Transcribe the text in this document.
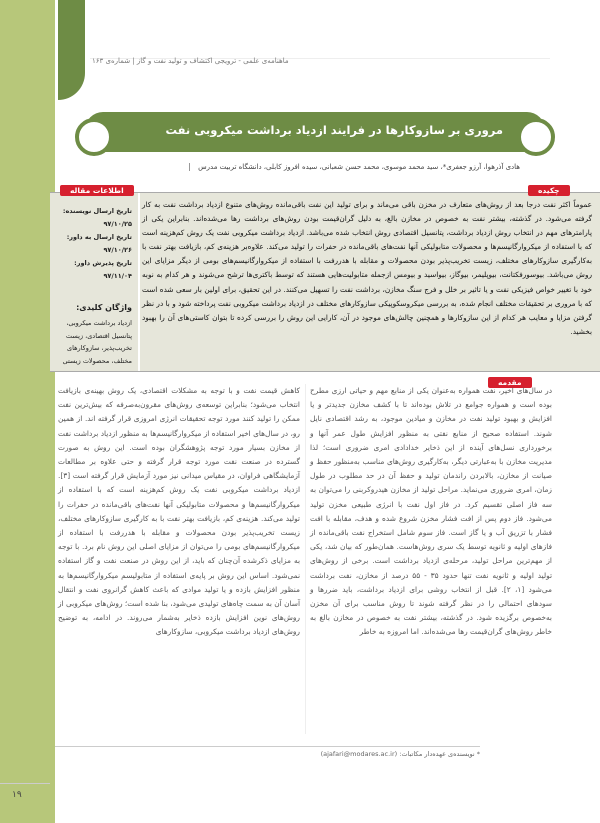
ماهنامه‌ی علمی - ترویجی اکتشاف و تولید نفت و گاز | شماره‌ی ۱۶۳
مروری بر سازوکارها در فرایند ازدیاد برداشت میکروبی نفت
هادی آذرهوا، آرزو جعفری*، سید محمد موسوی، محمد حسن شعبانی، سیده افروز کابلی، دانشگاه تربیت مدرس
چکیده
عموماً اکثر نفت درجا بعد از روش‌های متعارف در مخزن باقی می‌ماند و برای تولید این نفت باقی‌مانده روش‌های متنوع ازدیاد برداشت نفت به کار گرفته می‌شود. در گذشته، بیشتر نفت به خصوص در مخازن بالغ، به دلیل گران‌قیمت بودن روش‌های برداشت رها می‌شده‌اند. بنابراین یکی از پارامترهای مهم در انتخاب روش ازدیاد برداشت، پتانسیل اقتصادی روش انتخاب شده می‌باشد. ازدیاد برداشت میکروبی نفت یک روش کم‌هزینه است که با استفاده از میکروارگانیسم‌ها و محصولات متابولیکی آنها نفت‌های باقی‌مانده در حفرات را تولید می‌کند. علاوه‌بر هزینه‌ی کم، بازیافت بهتر نفت با به‌کارگیری سازوکارهای مختلف، زیست تخریب‌پذیر بودن محصولات و مقابله با هدررفت با استفاده از میکروارگانیسم‌های بومی از دیگر مزایای این روش می‌باشد. بیوسورفکتانت، بیوپلیمر، بیوگاز، بیواسید و بیومس ازجمله متابولیت‌هایی هستند که توسط باکتری‌ها ترشح می‌شوند و هر کدام به نوبه خود با تغییر خواص فیزیکی نفت و یا تاثیر بر خلل و فرج سنگ مخازن، برداشت نفت را تسهیل می‌کنند. در این تحقیق، برای اولین بار سعی شده است که با مروری بر تحقیقات مختلف انجام شده، به بررسی میکروسکوپیکی سازوکارهای مختلف در ازدیاد برداشت میکروبی نفت پرداخته شود و با در نظر گرفتن مزایا و معایب هر کدام از این سازوکارها و همچنین چالش‌های موجود در آن، کارایی این روش را بررسی کرده تا بتوان کاستی‌های آن را بهبود بخشید.
اطلاعات مقاله
تاریخ ارسال نویسنده: ۹۷/۱۰/۲۵
تاریخ ارسال به داور: ۹۷/۱۰/۲۶
تاریخ پذیرش داور: ۹۷/۱۱/۰۴
واژگان کلیدی:
ازدیاد برداشت میکروبی، پتانسیل اقتصادی، زیست تخریب‌پذیر، سازوکارهای مختلف، محصولات زیستی
مقدمه
در سال‌های اخیر، نفت همواره به‌عنوان یکی از منابع مهم و حیاتی ارزی مطرح بوده است و همواره جوامع در تلاش بوده‌اند تا با کشف مخازن جدیدتر و یا افزایش و بهبود تولید نفت در مخازن و میادین موجود، به رشد اقتصادی نایل شوند. استفاده صحیح از منابع نفتی به منظور افزایش طول عمر آنها و برخورداری نسل‌های آینده از این ذخایر خدادادی امری ضروری است؛ لذا مدیریت مخازن با به‌عبارتی دیگر، به‌کارگیری روش‌های مناسب به‌منظور حفظ و صیانت از مخازن، بالابردن راندمان تولید و حفظ آن در حد مطلوب در طول زمان، امری ضروری می‌نماید. مراحل تولید از مخازن هیدروکربنی را می‌توان به سه فاز اصلی تقسیم کرد. در فاز اول نفت با انرژی طبیعی مخزن تولید می‌شود. فاز دوم پس از افت فشار مخزن شروع شده و هدف، مقابله با افت فشار با تزریق آب و یا گاز است. فاز سوم شامل استخراج نفت باقی‌مانده از فازهای اولیه و ثانویه توسط یک سری روش‌هاست. همان‌طور که بیان شد، یکی از مهم‌ترین مراحل تولید، مرحله‌ی ازدیاد برداشت است. برخی از روش‌های تولید اولیه و ثانویه نفت تنها حدود ۳۵ - ۵۵ درصد از مخازن، نفت برداشت می‌شود [۱، ۲]. قبل از انتخاب روشی برای ازدیاد برداشت، باید ضررها و سودهای احتمالی را در نظر گرفته شوند تا روش مناسب برای آن مخزن به‌خصوص برگزیده شود. در گذشته، بیشتر نفت به خصوص در مخازن بالغ به خاطر روش‌های گران‌قیمت رها می‌شده‌اند. اما امروزه به خاطر
کاهش قیمت نفت و با توجه به مشکلات اقتصادی، یک روش بهینه‌ی بازیافت انتخاب می‌شود؛ بنابراین توسعه‌ی روش‌های مقرون‌به‌صرفه که بیش‌ترین نفت ممکن را تولید کنند مورد توجه تحقیقات انرژی امروزی قرار گرفته اند. از همین رو، در سال‌های اخیر استفاده از میکروارگانیسم‌ها به منظور ازدیاد برداشت نفت از مخازن بسیار مورد توجه پژوهشگران بوده است. این روش به صورت گسترده در صنعت نفت مورد توجه قرار گرفته و حتی علاوه بر مطالعات آزمایشگاهی فراوان، در مقیاس میدانی نیز مورد آزمایش قرار گرفته است [۳]. ازدیاد برداشت میکروبی نفت یک روش کم‌هزینه است که با استفاده از میکروارگانیسم‌ها و محصولات متابولیکی آنها نفت‌های باقی‌مانده در حفرات را تولید می‌کند. هزینه‌ی کم، بازیافت بهتر نفت با به کارگیری سازوکارهای مختلف، زیست تخریب‌پذیر بودن محصولات و مقابله با هدررفت با استفاده از میکروارگانیسم‌های بومی را می‌توان از مزایای اصلی این روش نام برد. با توجه به مزایای ذکرشده آن‌چنان که باید، از این روش در صنعت نفت و گاز استفاده نمی‌شود. اساس این روش بر پایه‌ی استفاده از متابولیسم میکروارگانیسم‌ها به منظور افزایش بازده و یا تولید موادی که باعث کاهش گرانروی نفت و انتقال آسان آن به سمت چاه‌های تولیدی می‌شود، بنا شده است؛ روش‌های میکروبی از روش‌های نوین افزایش بازده ذخایر به‌شمار می‌روند. در ادامه، به توضیح روش‌های ازدیاد برداشت میکروبی، سازوکارهای
* نویسنده‌ی عهده‌دار مکاتبات: (ajafari@modares.ac.ir)
۱۹
